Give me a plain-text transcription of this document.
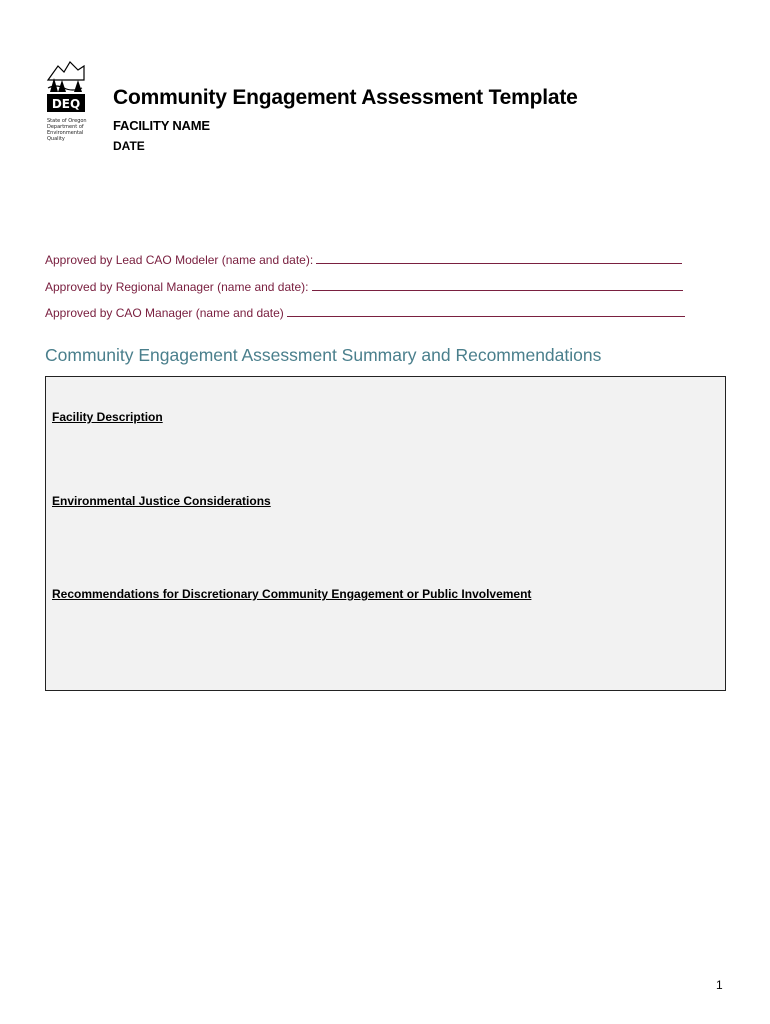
DEQ
State of Oregon
Department of
Environmental
Quality
Community Engagement Assessment Template
FACILITY NAME
DATE
Approved by Lead CAO Modeler (name and date):
Approved by Regional Manager (name and date):
Approved by CAO Manager (name and date)
Community Engagement Assessment Summary and Recommendations

Facility Description

Environmental Justice Considerations

Recommendations for Discretionary Community Engagement or Public Involvement

1
